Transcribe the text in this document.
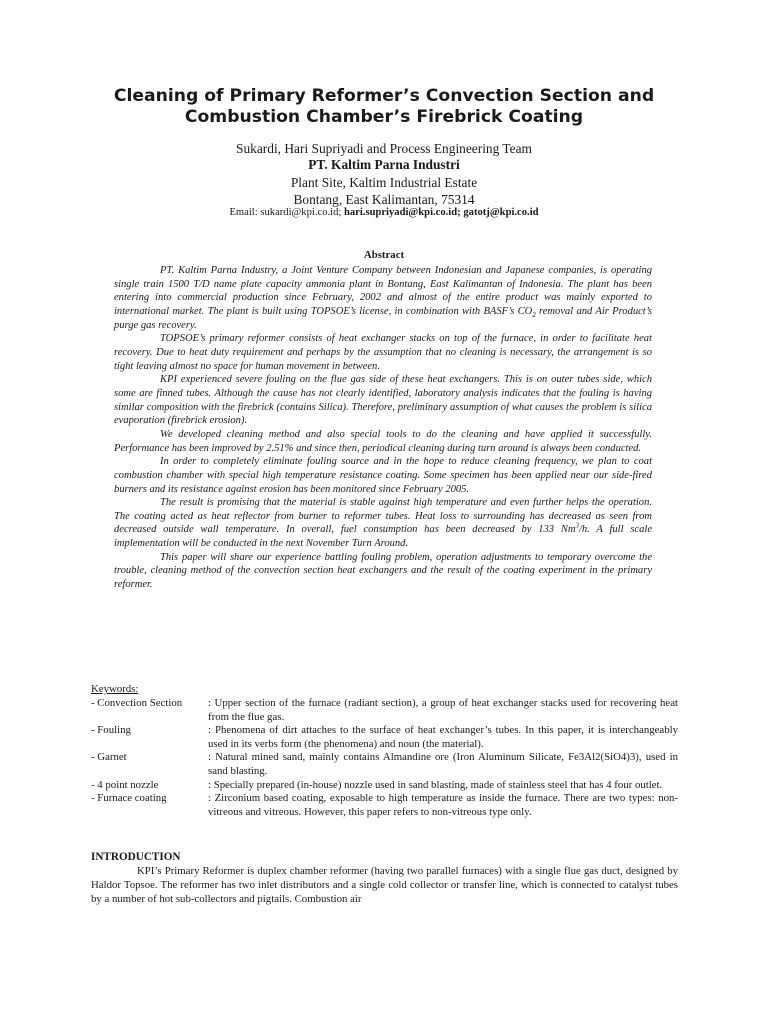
Cleaning of Primary Reformer’s Convection Section and Combustion Chamber’s Firebrick Coating
Sukardi, Hari Supriyadi and Process Engineering Team
PT. Kaltim Parna Industri
Plant Site, Kaltim Industrial Estate
Bontang, East Kalimantan, 75314
Email: sukardi@kpi.co.id; hari.supriyadi@kpi.co.id; gatotj@kpi.co.id
Abstract

PT. Kaltim Parna Industry, a Joint Venture Company between Indonesian and Japanese companies, is operating single train 1500 T/D name plate capacity ammonia plant in Bontang, East Kalimantan of Indonesia. The plant has been entering into commercial production since February, 2002 and almost of the entire product was mainly exported to international market. The plant is built using TOPSOE’s license, in combination with BASF’s $CO_2$ removal and Air Product’s purge gas recovery.

TOPSOE’s primary reformer consists of heat exchanger stacks on top of the furnace, in order to facilitate heat recovery. Due to heat duty requirement and perhaps by the assumption that no cleaning is necessary, the arrangement is so tight leaving almost no space for human movement in between.

KPI experienced severe fouling on the flue gas side of these heat exchangers. This is on outer tubes side, which some are finned tubes. Although the cause has not clearly identified, laboratory analysis indicates that the fouling is having similar composition with the firebrick (contains Silica). Therefore, preliminary assumption of what causes the problem is silica evaporation (firebrick erosion).

We developed cleaning method and also special tools to do the cleaning and have applied it successfully. Performance has been improved by 2.51% and since then, periodical cleaning during turn around is always been conducted.

In order to completely eliminate fouling source and in the hope to reduce cleaning frequency, we plan to coat combustion chamber with special high temperature resistance coating. Some specimen has been applied near our side-fired burners and its resistance against erosion has been monitored since February 2005.

The result is promising that the material is stable against high temperature and even further helps the operation. The coating acted as heat reflector from burner to reformer tubes. Heat loss to surrounding has decreased as seen from decreased outside wall temperature. In overall, fuel consumption has been decreased by 133 Nm$^3$/h. A full scale implementation will be conducted in the next November Turn Around.

This paper will share our experience battling fouling problem, operation adjustments to temporary overcome the trouble, cleaning method of the convection section heat exchangers and the result of the coating experiment in the primary reformer.

Keywords:
- Convection Section	: Upper section of the furnace (radiant section), a group of heat exchanger stacks used for recovering heat from the flue gas.
- Fouling	: Phenomena of dirt attaches to the surface of heat exchanger’s tubes. In this paper, it is interchangeably used in its verbs form (the phenomena) and noun (the material).
- Garnet	: Natural mined sand, mainly contains Almandine ore (Iron Aluminum Silicate, Fe3Al2(SiO4)3), used in sand blasting.
- 4 point nozzle	: Specially prepared (in-house) nozzle used in sand blasting, made of stainless steel that has 4 four outlet.
- Furnace coating	: Zirconium based coating, exposable to high temperature as inside the furnace. There are two types: non-vitreous and vitreous. However, this paper refers to non-vitreous type only.
INTRODUCTION

KPI’s Primary Reformer is duplex chamber reformer (having two parallel furnaces) with a single flue gas duct, designed by Haldor Topsoe. The reformer has two inlet distributors and a single cold collector or transfer line, which is connected to catalyst tubes by a number of hot sub-collectors and pigtails. Combustion air
